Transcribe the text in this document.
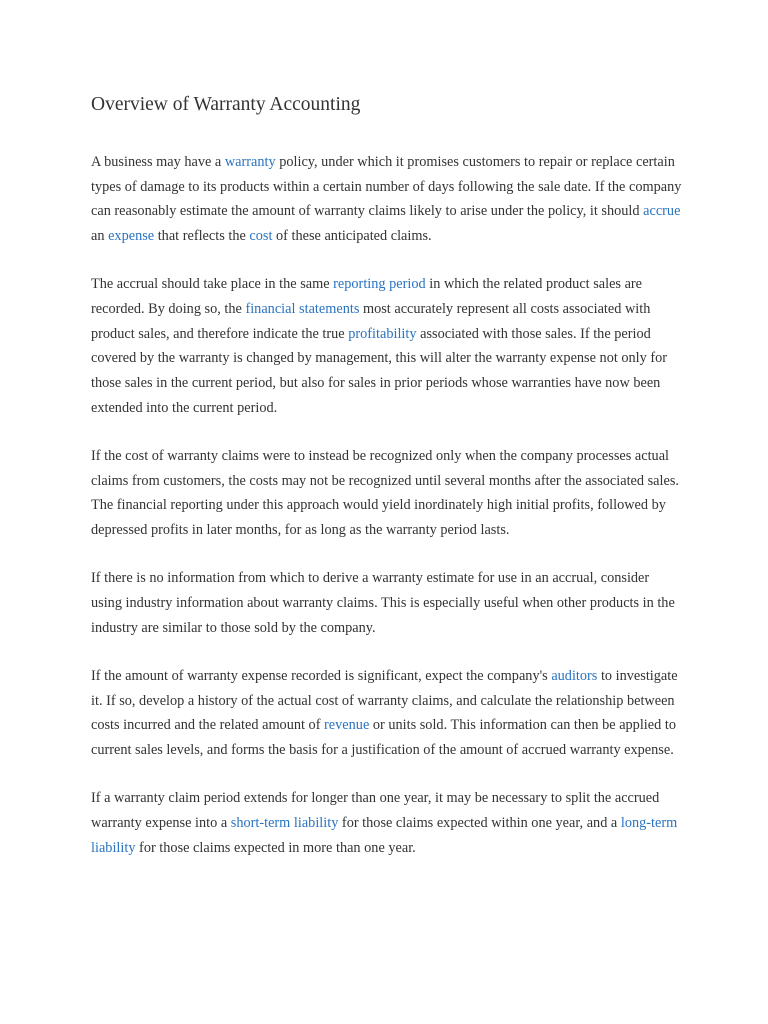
Overview of Warranty Accounting

A business may have a warranty policy, under which it promises customers to repair or replace certain types of damage to its products within a certain number of days following the sale date. If the company can reasonably estimate the amount of warranty claims likely to arise under the policy, it should accrue an expense that reflects the cost of these anticipated claims.

The accrual should take place in the same reporting period in which the related product sales are recorded. By doing so, the financial statements most accurately represent all costs associated with product sales, and therefore indicate the true profitability associated with those sales. If the period covered by the warranty is changed by management, this will alter the warranty expense not only for those sales in the current period, but also for sales in prior periods whose warranties have now been extended into the current period.

If the cost of warranty claims were to instead be recognized only when the company processes actual claims from customers, the costs may not be recognized until several months after the associated sales. The financial reporting under this approach would yield inordinately high initial profits, followed by depressed profits in later months, for as long as the warranty period lasts.

If there is no information from which to derive a warranty estimate for use in an accrual, consider using industry information about warranty claims. This is especially useful when other products in the industry are similar to those sold by the company.

If the amount of warranty expense recorded is significant, expect the company's auditors to investigate it. If so, develop a history of the actual cost of warranty claims, and calculate the relationship between costs incurred and the related amount of revenue or units sold. This information can then be applied to current sales levels, and forms the basis for a justification of the amount of accrued warranty expense.

If a warranty claim period extends for longer than one year, it may be necessary to split the accrued warranty expense into a short-term liability for those claims expected within one year, and a long-term liability for those claims expected in more than one year.
